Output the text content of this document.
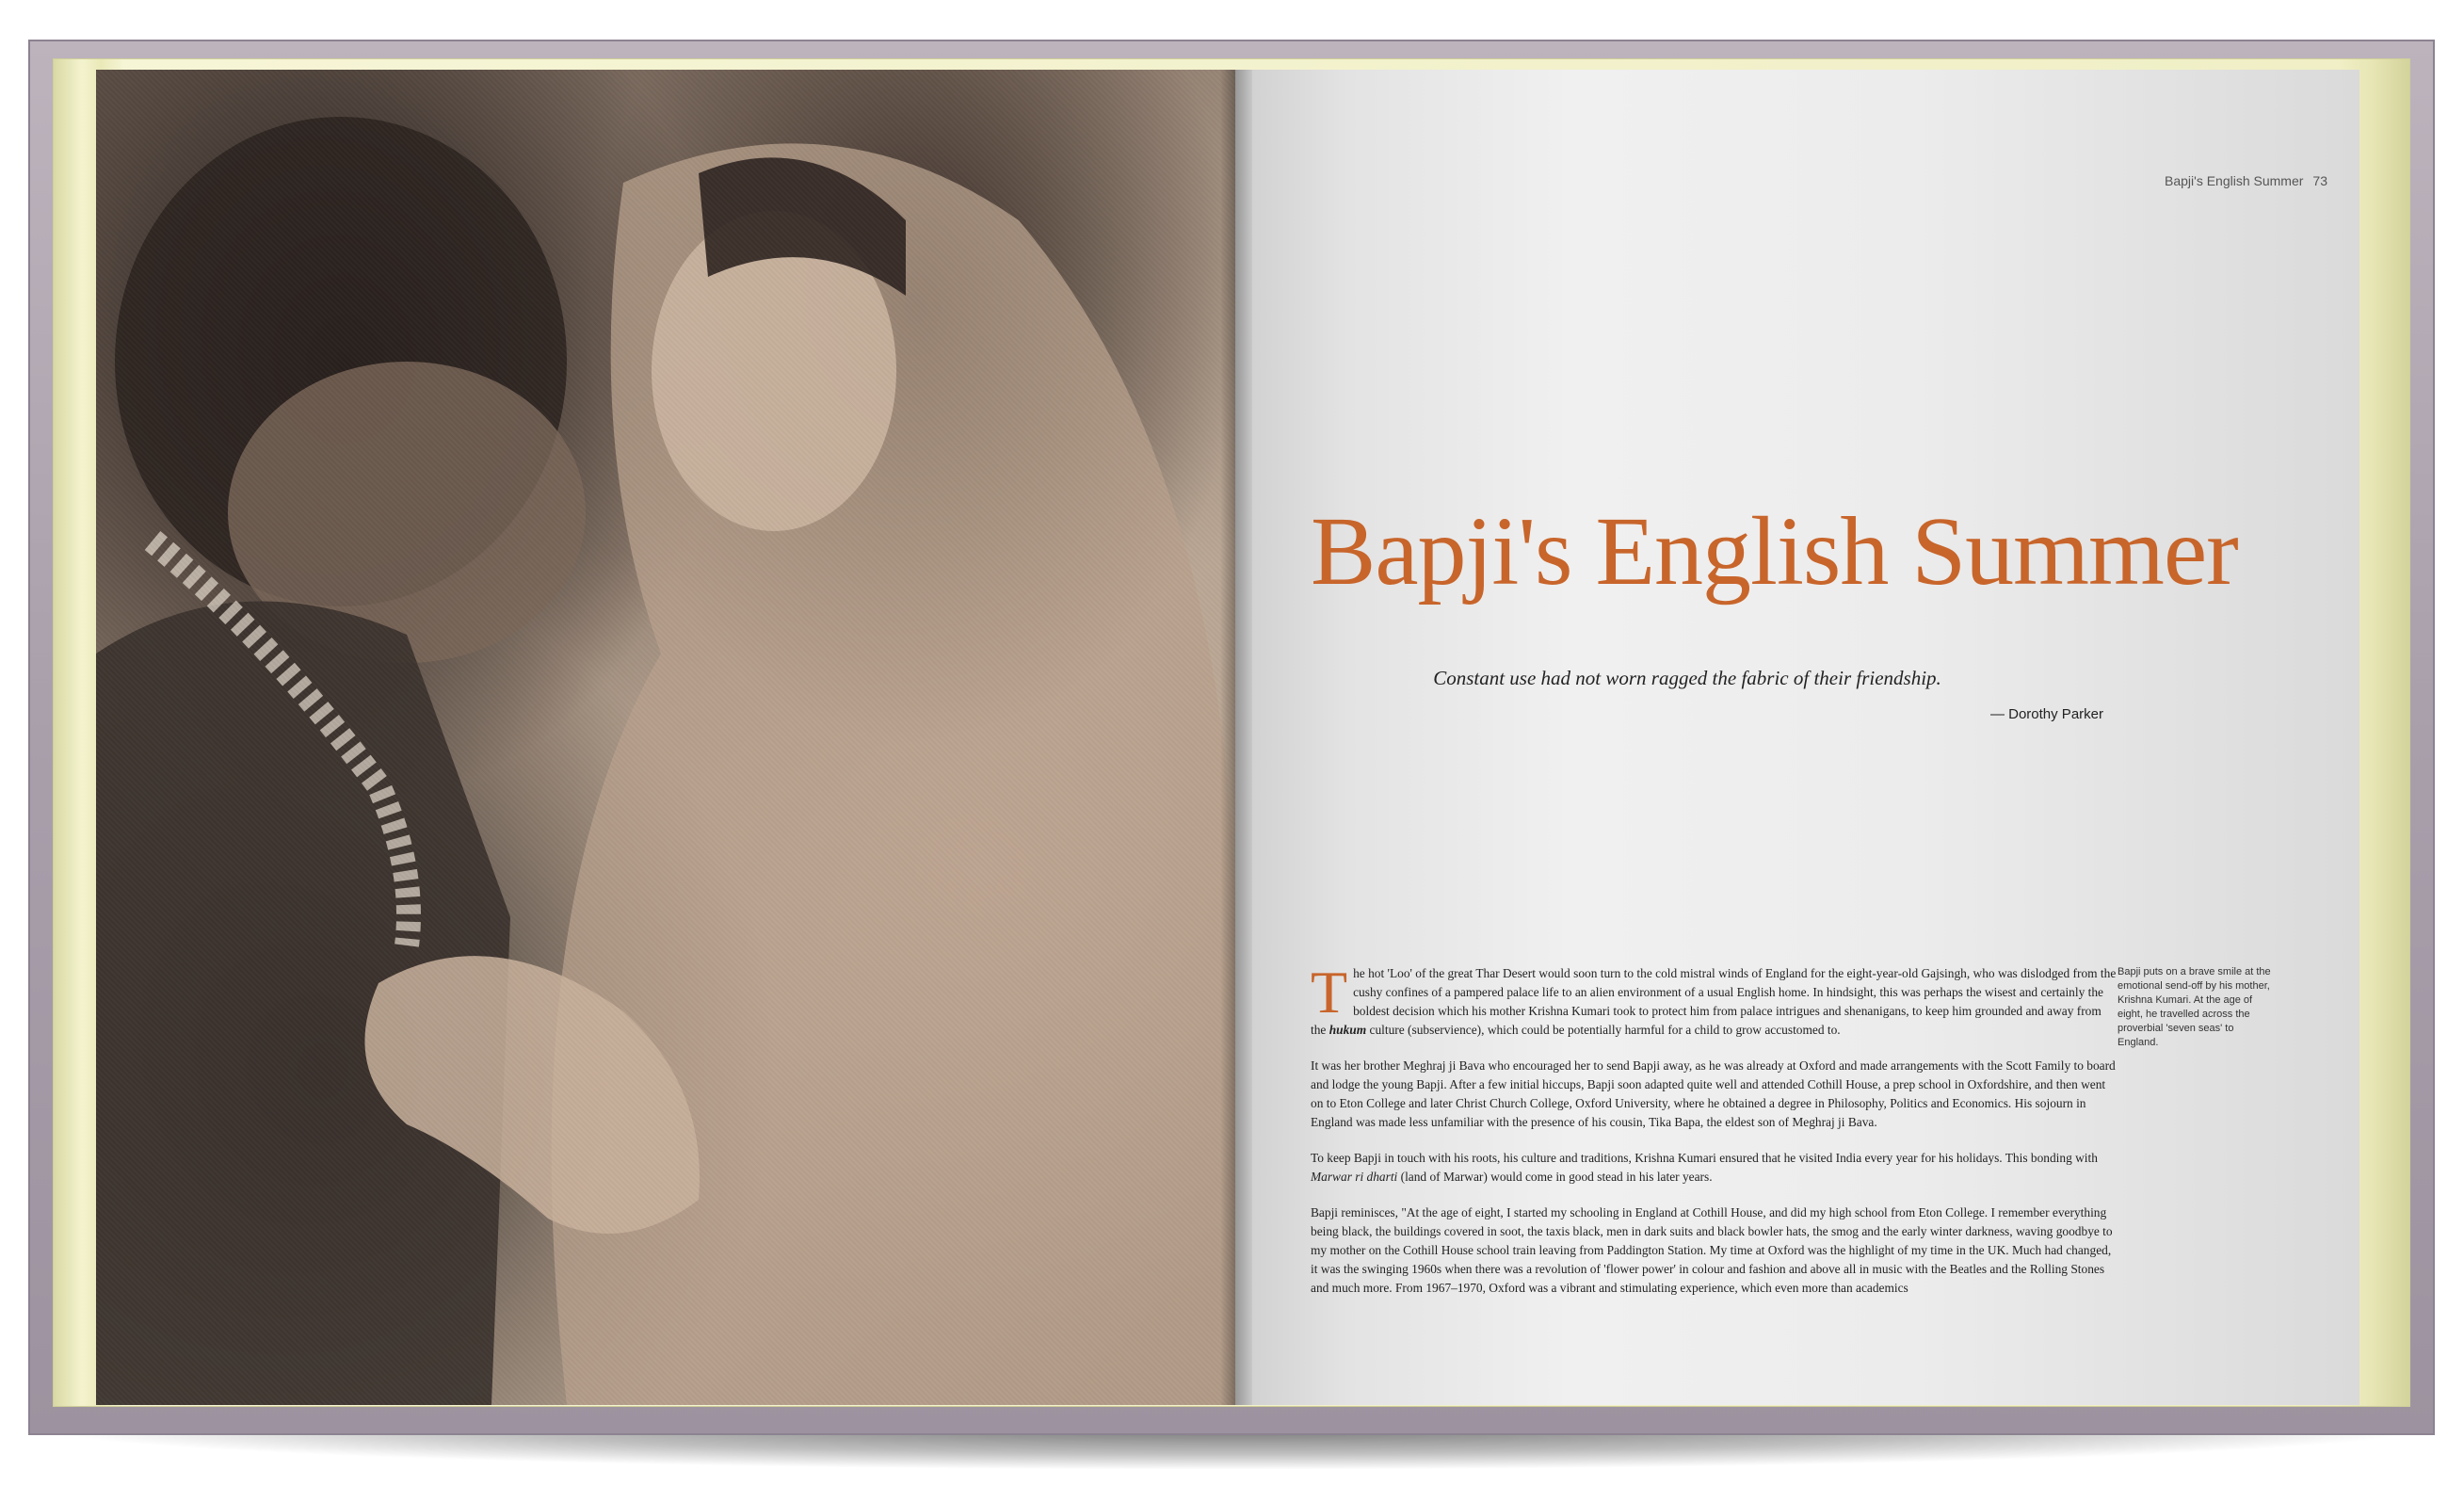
Bapji's English Summer 73
Bapji's English Summer
Constant use had not worn ragged the fabric of their friendship.
— Dorothy Parker

The hot 'Loo' of the great Thar Desert would soon turn to the cold mistral winds of England for the eight-year-old Gajsingh, who was dislodged from the cushy confines of a pampered palace life to an alien environment of a usual English home. In hindsight, this was perhaps the wisest and certainly the boldest decision which his mother Krishna Kumari took to protect him from palace intrigues and shenanigans, to keep him grounded and away from the hukum culture (subservience), which could be potentially harmful for a child to grow accustomed to.

It was her brother Meghraj ji Bava who encouraged her to send Bapji away, as he was already at Oxford and made arrangements with the Scott Family to board and lodge the young Bapji. After a few initial hiccups, Bapji soon adapted quite well and attended Cothill House, a prep school in Oxfordshire, and then went on to Eton College and later Christ Church College, Oxford University, where he obtained a degree in Philosophy, Politics and Economics. His sojourn in England was made less unfamiliar with the presence of his cousin, Tika Bapa, the eldest son of Meghraj ji Bava.

To keep Bapji in touch with his roots, his culture and traditions, Krishna Kumari ensured that he visited India every year for his holidays. This bonding with Marwar ri dharti (land of Marwar) would come in good stead in his later years.

Bapji reminisces, "At the age of eight, I started my schooling in England at Cothill House, and did my high school from Eton College. I remember everything being black, the buildings covered in soot, the taxis black, men in dark suits and black bowler hats, the smog and the early winter darkness, waving goodbye to my mother on the Cothill House school train leaving from Paddington Station. My time at Oxford was the highlight of my time in the UK. Much had changed, it was the swinging 1960s when there was a revolution of 'flower power' in colour and fashion and above all in music with the Beatles and the Rolling Stones and much more. From 1967–1970, Oxford was a vibrant and stimulating experience, which even more than academics

Bapji puts on a brave smile at the emotional send-off by his mother, Krishna Kumari. At the age of eight, he travelled across the proverbial 'seven seas' to England.
